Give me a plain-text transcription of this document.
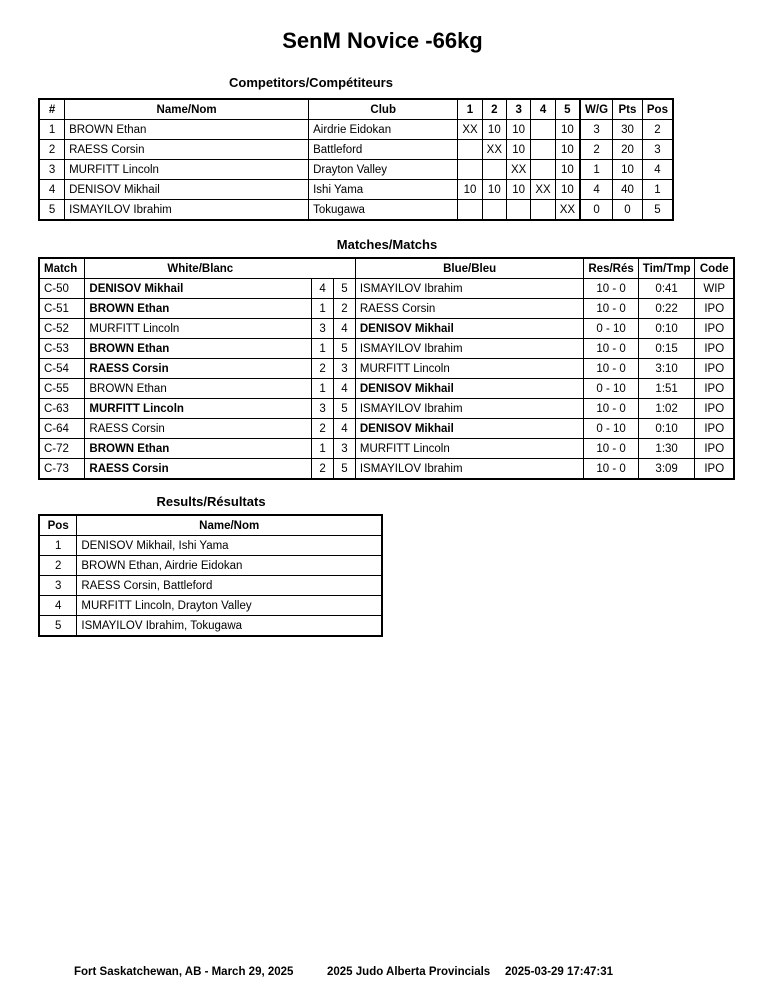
SenM Novice -66kg
Competitors/Compétiteurs
#	Name/Nom	Club	1	2	3	4	5	W/G	Pts	Pos
1	BROWN Ethan	Airdrie Eidokan	XX	10	10		10	3	30	2
2	RAESS Corsin	Battleford		XX	10		10	2	20	3
3	MURFITT Lincoln	Drayton Valley			XX		10	1	10	4
4	DENISOV Mikhail	Ishi Yama	10	10	10	XX	10	4	40	1
5	ISMAYILOV Ibrahim	Tokugawa					XX	0	0	5
Matches/Matchs
Match	White/Blanc			Blue/Bleu	Res/Rés	Tim/Tmp	Code
C-50	DENISOV Mikhail	4	5	ISMAYILOV Ibrahim	10 - 0	0:41	WIP
C-51	BROWN Ethan	1	2	RAESS Corsin	10 - 0	0:22	IPO
C-52	MURFITT Lincoln	3	4	DENISOV Mikhail	0 - 10	0:10	IPO
C-53	BROWN Ethan	1	5	ISMAYILOV Ibrahim	10 - 0	0:15	IPO
C-54	RAESS Corsin	2	3	MURFITT Lincoln	10 - 0	3:10	IPO
C-55	BROWN Ethan	1	4	DENISOV Mikhail	0 - 10	1:51	IPO
C-63	MURFITT Lincoln	3	5	ISMAYILOV Ibrahim	10 - 0	1:02	IPO
C-64	RAESS Corsin	2	4	DENISOV Mikhail	0 - 10	0:10	IPO
C-72	BROWN Ethan	1	3	MURFITT Lincoln	10 - 0	1:30	IPO
C-73	RAESS Corsin	2	5	ISMAYILOV Ibrahim	10 - 0	3:09	IPO
Results/Résultats
Pos	Name/Nom
1	DENISOV Mikhail, Ishi Yama
2	BROWN Ethan, Airdrie Eidokan
3	RAESS Corsin, Battleford
4	MURFITT Lincoln, Drayton Valley
5	ISMAYILOV Ibrahim, Tokugawa
Fort Saskatchewan, AB - March 29, 2025	2025 Judo Alberta Provincials 2025-03-29 17:47:31
